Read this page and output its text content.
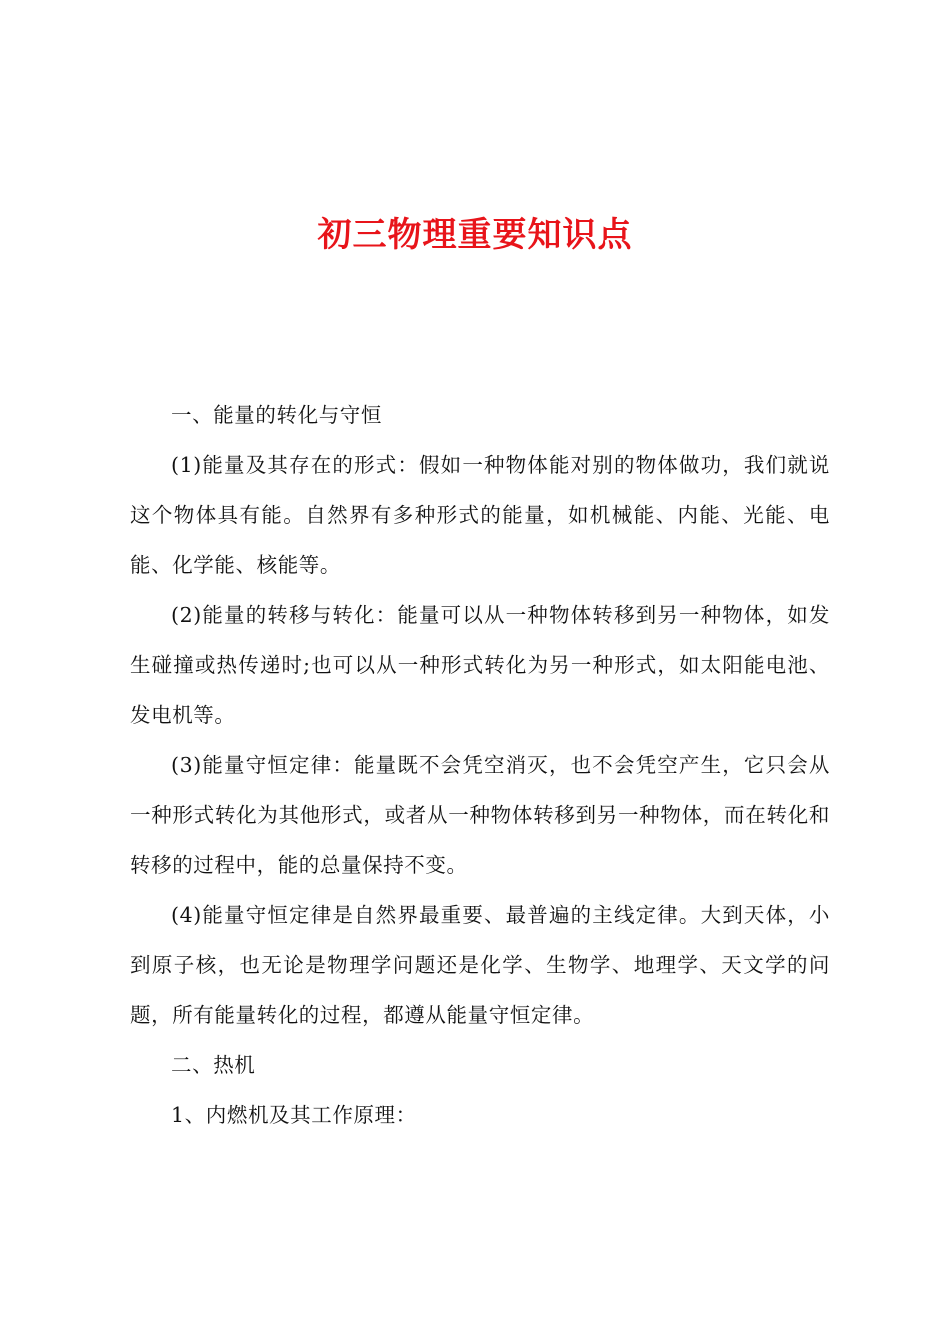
初三物理重要知识点

一、能量的转化与守恒

(1)能量及其存在的形式：假如一种物体能对别的物体做功，我们就说这个物体具有能。自然界有多种形式的能量，如机械能、内能、光能、电能、化学能、核能等。

(2)能量的转移与转化：能量可以从一种物体转移到另一种物体，如发生碰撞或热传递时;也可以从一种形式转化为另一种形式，如太阳能电池、发电机等。

(3)能量守恒定律：能量既不会凭空消灭，也不会凭空产生，它只会从一种形式转化为其他形式，或者从一种物体转移到另一种物体，而在转化和转移的过程中，能的总量保持不变。

(4)能量守恒定律是自然界最重要、最普遍的主线定律。大到天体，小到原子核，也无论是物理学问题还是化学、生物学、地理学、天文学的问题，所有能量转化的过程，都遵从能量守恒定律。

二、热机

1、内燃机及其工作原理：
